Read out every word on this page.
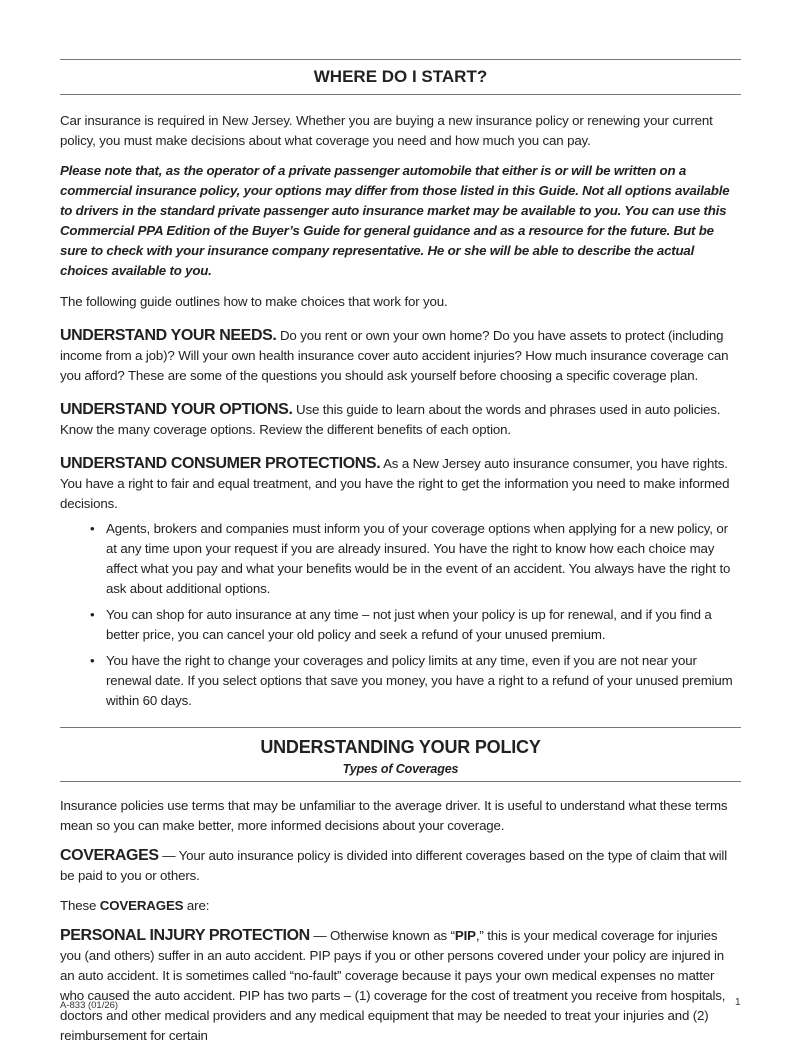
WHERE DO I START?

Car insurance is required in New Jersey. Whether you are buying a new insurance policy or renewing your current policy, you must make decisions about what coverage you need and how much you can pay.

Please note that, as the operator of a private passenger automobile that either is or will be written on a commercial insurance policy, your options may differ from those listed in this Guide. Not all options available to drivers in the standard private passenger auto insurance market may be available to you. You can use this Commercial PPA Edition of the Buyer’s Guide for general guidance and as a resource for the future. But be sure to check with your insurance company representative. He or she will be able to describe the actual choices available to you.

The following guide outlines how to make choices that work for you.

UNDERSTAND YOUR NEEDS. Do you rent or own your own home? Do you have assets to protect (including income from a job)? Will your own health insurance cover auto accident injuries? How much insurance coverage can you afford? These are some of the questions you should ask yourself before choosing a specific coverage plan.

UNDERSTAND YOUR OPTIONS. Use this guide to learn about the words and phrases used in auto policies. Know the many coverage options. Review the different benefits of each option.

UNDERSTAND CONSUMER PROTECTIONS. As a New Jersey auto insurance consumer, you have rights. You have a right to fair and equal treatment, and you have the right to get the information you need to make informed decisions.

• Agents, brokers and companies must inform you of your coverage options when applying for a new policy, or at any time upon your request if you are already insured. You have the right to know how each choice may affect what you pay and what your benefits would be in the event of an accident. You always have the right to ask about additional options.
• You can shop for auto insurance at any time – not just when your policy is up for renewal, and if you find a better price, you can cancel your old policy and seek a refund of your unused premium.
• You have the right to change your coverages and policy limits at any time, even if you are not near your renewal date. If you select options that save you money, you have a right to a refund of your unused premium within 60 days.
UNDERSTANDING YOUR POLICY
Types of Coverages

Insurance policies use terms that may be unfamiliar to the average driver. It is useful to understand what these terms mean so you can make better, more informed decisions about your coverage.

COVERAGES — Your auto insurance policy is divided into different coverages based on the type of claim that will be paid to you or others.

These COVERAGES are:

PERSONAL INJURY PROTECTION — Otherwise known as “PIP,” this is your medical coverage for injuries you (and others) suffer in an auto accident. PIP pays if you or other persons covered under your policy are injured in an auto accident. It is sometimes called “no-fault” coverage because it pays your own medical expenses no matter who caused the auto accident. PIP has two parts – (1) coverage for the cost of treatment you receive from hospitals, doctors and other medical providers and any medical equipment that may be needed to treat your injuries and (2) reimbursement for certain

A-833 (01/26)	1
